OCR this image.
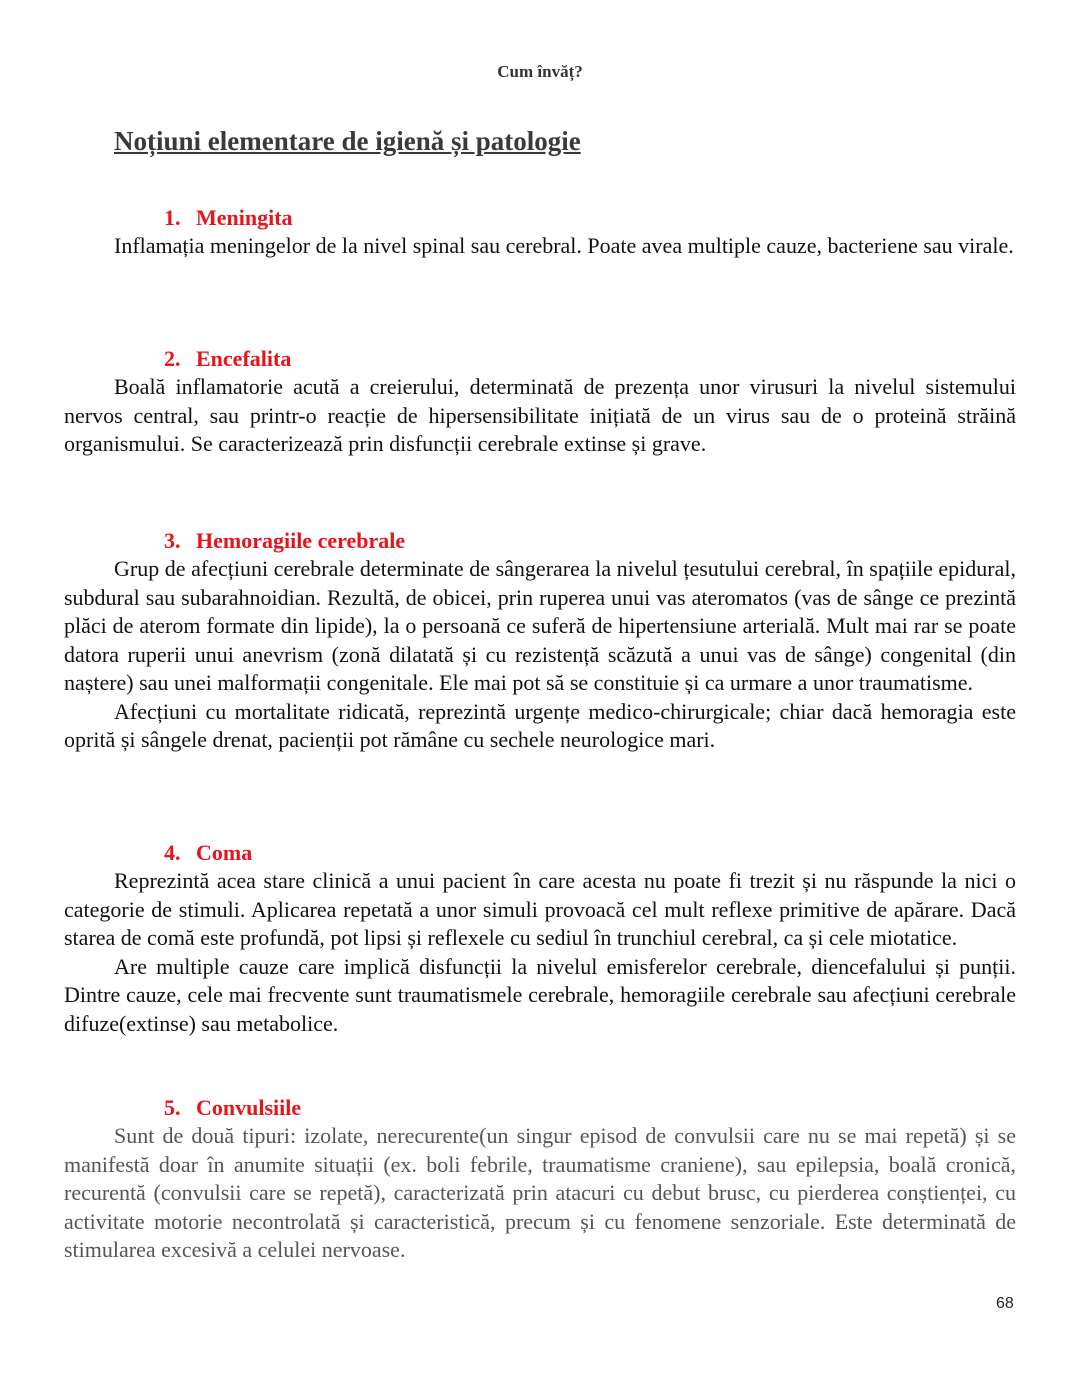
Cum învăț?
Noțiuni elementare de igienă și patologie
1. Meningita

Inflamația meningelor de la nivel spinal sau cerebral. Poate avea multiple cauze, bacteriene sau virale.

2. Encefalita

Boală inflamatorie acută a creierului, determinată de prezența unor virusuri la nivelul sistemului nervos central, sau printr-o reacție de hipersensibilitate inițiată de un virus sau de o proteină străină organismului. Se caracterizează prin disfuncții cerebrale extinse și grave.

3. Hemoragiile cerebrale

Grup de afecțiuni cerebrale determinate de sângerarea la nivelul țesutului cerebral, în spațiile epidural, subdural sau subarahnoidian. Rezultă, de obicei, prin ruperea unui vas ateromatos (vas de sânge ce prezintă plăci de aterom formate din lipide), la o persoană ce suferă de hipertensiune arterială. Mult mai rar se poate datora ruperii unui anevrism (zonă dilatată și cu rezistență scăzută a unui vas de sânge) congenital (din naștere) sau unei malformații congenitale. Ele mai pot să se constituie și ca urmare a unor traumatisme.

Afecțiuni cu mortalitate ridicată, reprezintă urgențe medico-chirurgicale; chiar dacă hemoragia este oprită și sângele drenat, pacienții pot rămâne cu sechele neurologice mari.

4. Coma

Reprezintă acea stare clinică a unui pacient în care acesta nu poate fi trezit și nu răspunde la nici o categorie de stimuli. Aplicarea repetată a unor simuli provoacă cel mult reflexe primitive de apărare. Dacă starea de comă este profundă, pot lipsi și reflexele cu sediul în trunchiul cerebral, ca și cele miotatice.

Are multiple cauze care implică disfuncții la nivelul emisferelor cerebrale, diencefalului și punții. Dintre cauze, cele mai frecvente sunt traumatismele cerebrale, hemoragiile cerebrale sau afecțiuni cerebrale difuze(extinse) sau metabolice.

5. Convulsiile

Sunt de două tipuri: izolate, nerecurente(un singur episod de convulsii care nu se mai repetă) și se manifestă doar în anumite situații (ex. boli febrile, traumatisme craniene), sau epilepsia, boală cronică, recurentă (convulsii care se repetă), caracterizată prin atacuri cu debut brusc, cu pierderea conștienței, cu activitate motorie necontrolată și caracteristică, precum și cu fenomene senzoriale. Este determinată de stimularea excesivă a celulei nervoase.

68
